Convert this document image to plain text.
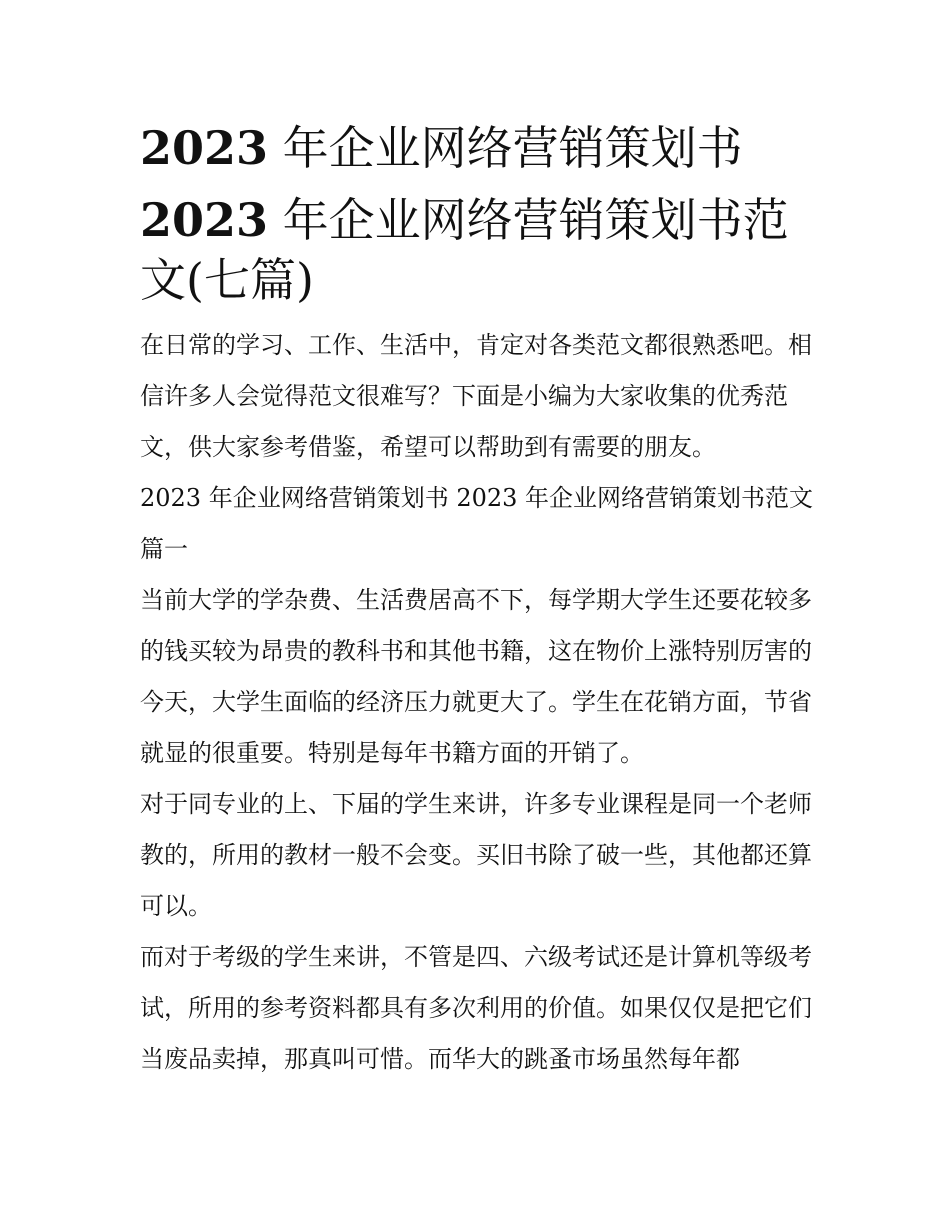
2023 年企业网络营销策划书
2023 年企业网络营销策划书范文(七篇)

在日常的学习、工作、生活中，肯定对各类范文都很熟悉吧。相信许多人会觉得范文很难写？下面是小编为大家收集的优秀范文，供大家参考借鉴，希望可以帮助到有需要的朋友。

2023 年企业网络营销策划书 2023 年企业网络营销策划书范文篇一

当前大学的学杂费、生活费居高不下，每学期大学生还要花较多的钱买较为昂贵的教科书和其他书籍，这在物价上涨特别厉害的今天，大学生面临的经济压力就更大了。学生在花销方面，节省就显的很重要。特别是每年书籍方面的开销了。

对于同专业的上、下届的学生来讲，许多专业课程是同一个老师教的，所用的教材一般不会变。买旧书除了破一些，其他都还算可以。

而对于考级的学生来讲，不管是四、六级考试还是计算机等级考试，所用的参考资料都具有多次利用的价值。如果仅仅是把它们当废品卖掉，那真叫可惜。而华大的跳蚤市场虽然每年都
